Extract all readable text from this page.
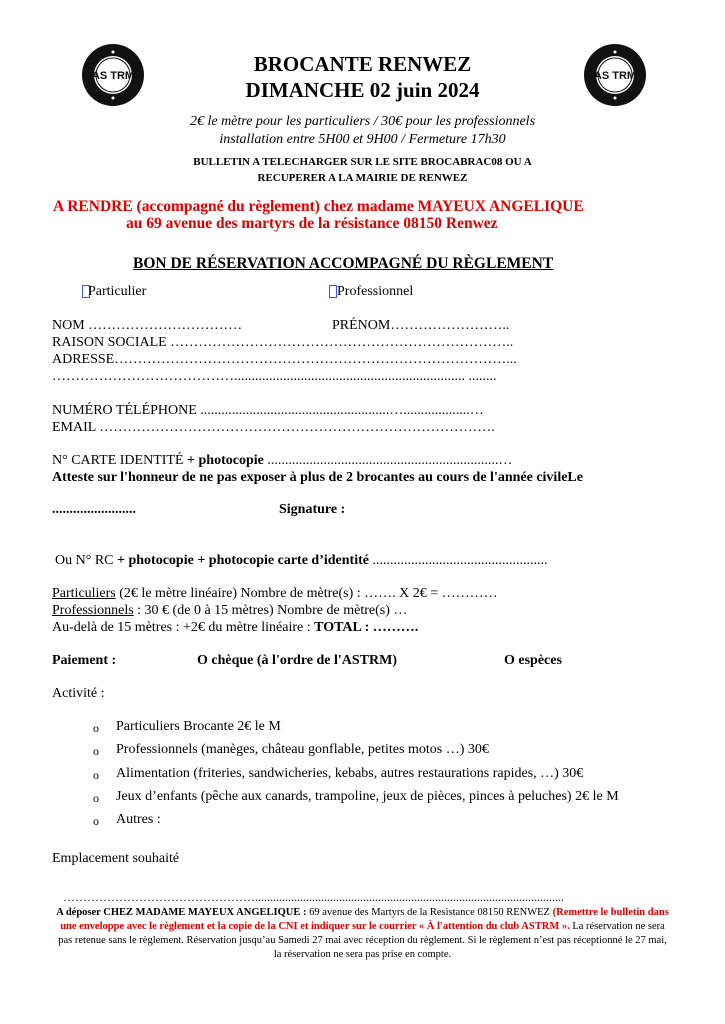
AS TRM	AS TRM
BROCANTE RENWEZ
DIMANCHE 02 juin 2024
2€ le mètre pour les particuliers / 30€ pour les professionnels
installation entre 5H00 et 9H00 / Fermeture 17h30
BULLETIN A TELECHARGER SUR LE SITE BROCABRAC08 OU A
RECUPERER A LA MAIRIE DE RENWEZ
A RENDRE (accompagné du règlement) chez madame MAYEUX ANGELIQUE
au 69 avenue des martyrs de la résistance 08150 Renwez
BON DE RÉSERVATION ACCOMPAGNÉ DU RÈGLEMENT
Particulier	Professionnel
NOM ……………………………	PRÉNOM……………………..
RAISON SOCIALE ………………………………………………………………..
ADRESSE…………………………………………………………………………...
………………………………….................................................................. ........
NUMÉRO TÉLÉPHONE ......................................................…...................…
EMAIL ………………………………………………………………………….
N° CARTE IDENTITÉ + photocopie ..................................................................…
Atteste sur l'honneur de ne pas exposer à plus de 2 brocantes au cours de l'année civileLe
........................	Signature :
Ou N° RC + photocopie + photocopie carte d’identité ..................................................
Particuliers (2€ le mètre linéaire) Nombre de mètre(s) : ……. X 2€ = …………
Professionnels : 30 € (de 0 à 15 mètres) Nombre de mètre(s) …
Au-delà de 15 mètres : +2€ du mètre linéaire : TOTAL : ……….
Paiement :	O chèque (à l'ordre de l'ASTRM)	O espèces
Activité :
o Particuliers Brocante 2€ le M
o Professionnels (manèges, château gonflable, petites motos …) 30€
o Alimentation (friteries, sandwicheries, kebabs, autres restaurations rapides, …) 30€
o Jeux d’enfants (pêche aux canards, trampoline, jeux de pièces, pinces à peluches) 2€ le M
o Autres :
Emplacement souhaité
………………………………………….......................................................................................................
A déposer CHEZ MADAME MAYEUX ANGELIQUE : 69 avenue des Martyrs de la Resistance 08150 RENWEZ (Remettre le bulletin dans une enveloppe avec le règlement et la copie de la CNI et indiquer sur le courrier « À l'attention du club ASTRM ». La réservation ne sera pas retenue sans le règlement. Réservation jusqu’au Samedi 27 mai avec réception du règlement. Si le règlement n’est pas réceptionné le 27 mai, la réservation ne sera pas prise en compte.
